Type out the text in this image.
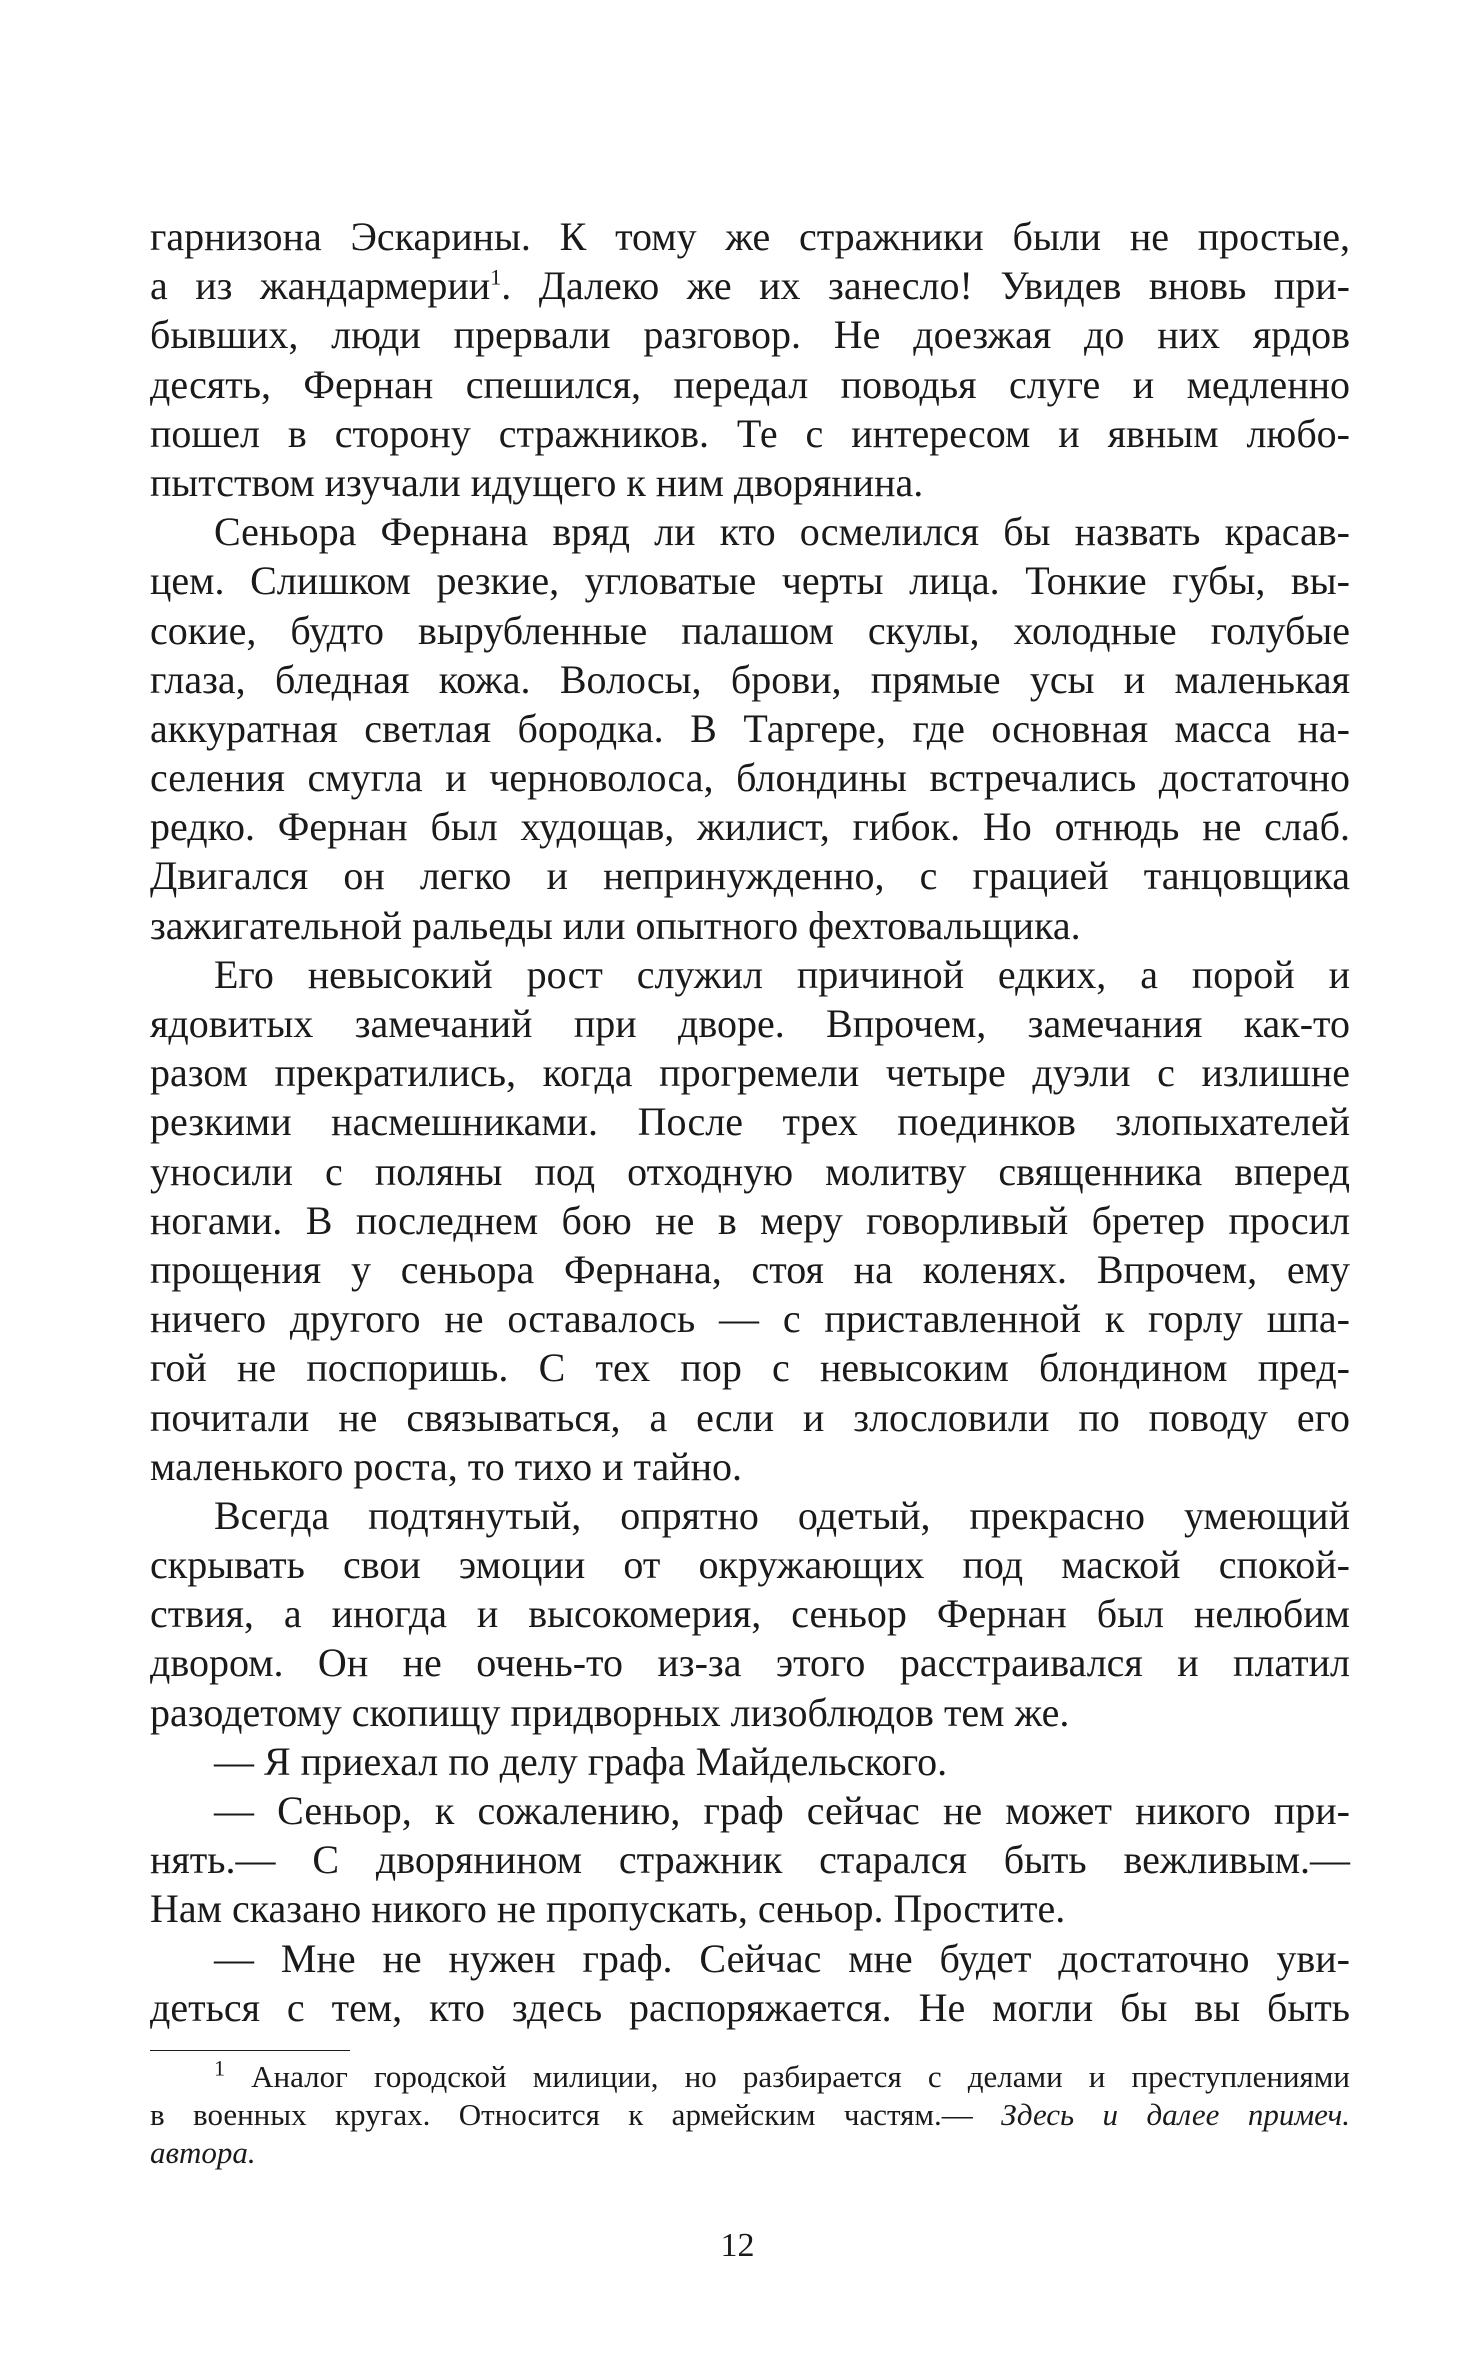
гарнизона Эскарины. К тому же стражники были не простые,
а из жандармерии$^1$. Далеко же их занесло! Увидев вновь при-
бывших, люди прервали разговор. Не доезжая до них ярдов
десять, Фернан спешился, передал поводья слуге и медленно
пошел в сторону стражников. Те с интересом и явным любо-
пытством изучали идущего к ним дворянина.
Сеньора Фернана вряд ли кто осмелился бы назвать красав-
цем. Слишком резкие, угловатые черты лица. Тонкие губы, вы-
сокие, будто вырубленные палашом скулы, холодные голубые
глаза, бледная кожа. Волосы, брови, прямые усы и маленькая
аккуратная светлая бородка. В Таргере, где основная масса на-
селения смугла и черноволоса, блондины встречались достаточно
редко. Фернан был худощав, жилист, гибок. Но отнюдь не слаб.
Двигался он легко и непринужденно, с грацией танцовщика
зажигательной ральеды или опытного фехтовальщика.
Его невысокий рост служил причиной едких, а порой и
ядовитых замечаний при дворе. Впрочем, замечания как-то
разом прекратились, когда прогремели четыре дуэли с излишне
резкими насмешниками. После трех поединков злопыхателей
уносили с поляны под отходную молитву священника вперед
ногами. В последнем бою не в меру говорливый бретер просил
прощения у сеньора Фернана, стоя на коленях. Впрочем, ему
ничего другого не оставалось — с приставленной к горлу шпа-
гой не поспоришь. С тех пор с невысоким блондином пред-
почитали не связываться, а если и злословили по поводу его
маленького роста, то тихо и тайно.
Всегда подтянутый, опрятно одетый, прекрасно умеющий
скрывать свои эмоции от окружающих под маской спокой-
ствия, а иногда и высокомерия, сеньор Фернан был нелюбим
двором. Он не очень-то из-за этого расстраивался и платил
разодетому скопищу придворных лизоблюдов тем же.
— Я приехал по делу графа Майдельского.
— Сеньор, к сожалению, граф сейчас не может никого при-
нять.— С дворянином стражник старался быть вежливым.—
Нам сказано никого не пропускать, сеньор. Простите.
— Мне не нужен граф. Сейчас мне будет достаточно уви-
деться с тем, кто здесь распоряжается. Не могли бы вы быть
$^1$ Аналог городской милиции, но разбирается с делами и преступлениями
в военных кругах. Относится к армейским частям.— Здесь и далее примеч.
автора.
12
